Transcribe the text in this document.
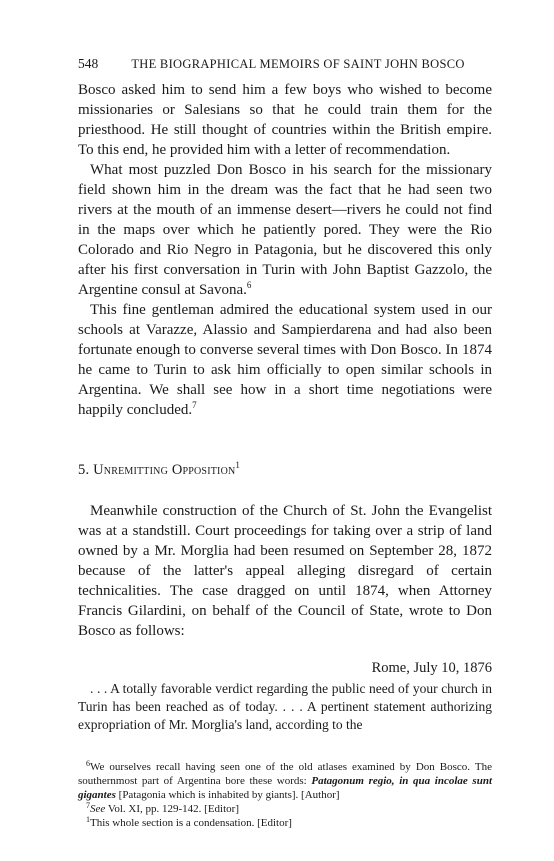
548	THE BIOGRAPHICAL MEMOIRS OF SAINT JOHN BOSCO

Bosco asked him to send him a few boys who wished to become missionaries or Salesians so that he could train them for the priesthood. He still thought of countries within the British empire. To this end, he provided him with a letter of recommendation.

What most puzzled Don Bosco in his search for the missionary field shown him in the dream was the fact that he had seen two rivers at the mouth of an immense desert—rivers he could not find in the maps over which he patiently pored. They were the Rio Colorado and Rio Negro in Patagonia, but he discovered this only after his first conversation in Turin with John Baptist Gazzolo, the Argentine consul at Savona.$^6$

This fine gentleman admired the educational system used in our schools at Varazze, Alassio and Sampierdarena and had also been fortunate enough to converse several times with Don Bosco. In 1874 he came to Turin to ask him officially to open similar schools in Argentina. We shall see how in a short time negotiations were happily concluded.$^7$

5. Unremitting Opposition$^1$

Meanwhile construction of the Church of St. John the Evangelist was at a standstill. Court proceedings for taking over a strip of land owned by a Mr. Morglia had been resumed on September 28, 1872 because of the latter's appeal alleging disregard of certain technicalities. The case dragged on until 1874, when Attorney Francis Gilardini, on behalf of the Council of State, wrote to Don Bosco as follows:

Rome, July 10, 1876

. . . A totally favorable verdict regarding the public need of your church in Turin has been reached as of today. . . . A pertinent statement authorizing expropriation of Mr. Morglia's land, according to the

$^6$We ourselves recall having seen one of the old atlases examined by Don Bosco. The southernmost part of Argentina bore these words: Patagonum regio, in qua incolae sunt gigantes [Patagonia which is inhabited by giants]. [Author]

$^7$See Vol. XI, pp. 129-142. [Editor]

$^1$This whole section is a condensation. [Editor]
